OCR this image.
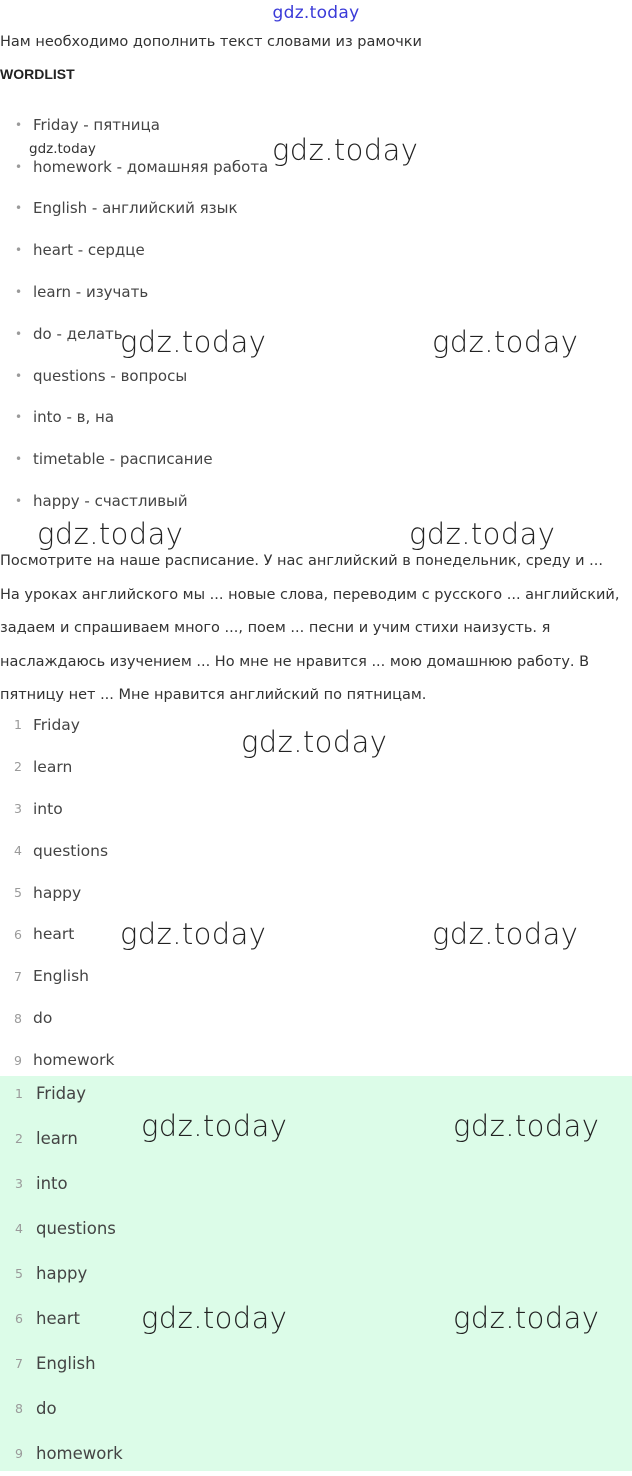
gdz.today
Нам необходимо дополнить текст словами из рамочки
WORDLIST
• Friday - пятница
• homework - домашняя работа
• English - английский язык
• heart - сердце
• learn - изучать
• do - делать
• questions - вопросы
• into - в, на
• timetable - расписание
• happy - счастливый
Посмотрите на наше расписание. У нас английский в понедельник, среду и ...
На уроках английского мы ... новые слова, переводим с русского ... английский,
задаем и спрашиваем много ..., поем ... песни и учим стихи наизусть. я
наслаждаюсь изучением ... Но мне не нравится ... мою домашнюю работу. В
пятницу нет ... Мне нравится английский по пятницам.
1 Friday
2 learn
3 into
4 questions
5 happy
6 heart
7 English
8 do
9 homework
1 Friday
2 learn
3 into
4 questions
5 happy
6 heart
7 English
8 do
9 homework
gdz.today	gdz.today
gdz.today	gdz.today
gdz.today	gdz.today
gdz.today
gdz.today	gdz.today
gdz.today	gdz.today
gdz.today	gdz.today
